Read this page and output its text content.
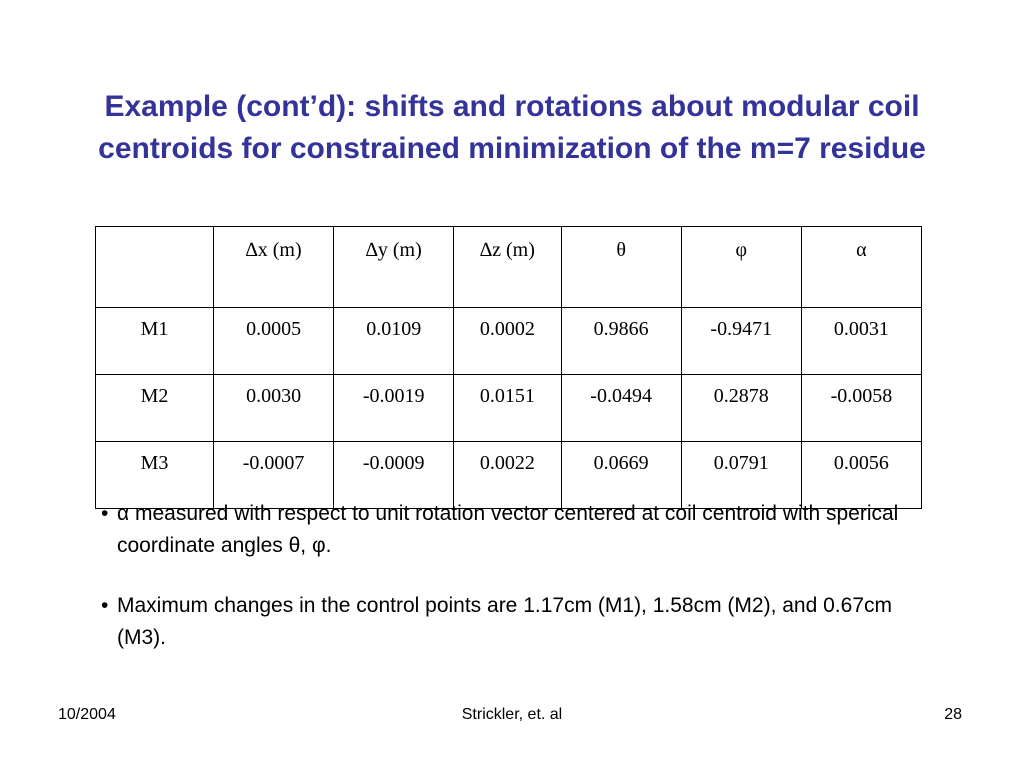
Example (cont’d): shifts and rotations about modular coil
centroids for constrained minimization of the m=7 residue
	∆x (m)	∆y (m)	∆z (m)	θ	φ	α
M1	0.0005	0.0109	0.0002	0.9866	-0.9471	0.0031
M2	0.0030	-0.0019	0.0151	-0.0494	0.2878	-0.0058
M3	-0.0007	-0.0009	0.0022	0.0669	0.0791	0.0056
• α measured with respect to unit rotation vector centered at coil centroid with sperical coordinate angles θ, φ.
• Maximum changes in the control points are 1.17cm (M1), 1.58cm (M2), and 0.67cm (M3).
10/2004	Strickler, et. al	28
